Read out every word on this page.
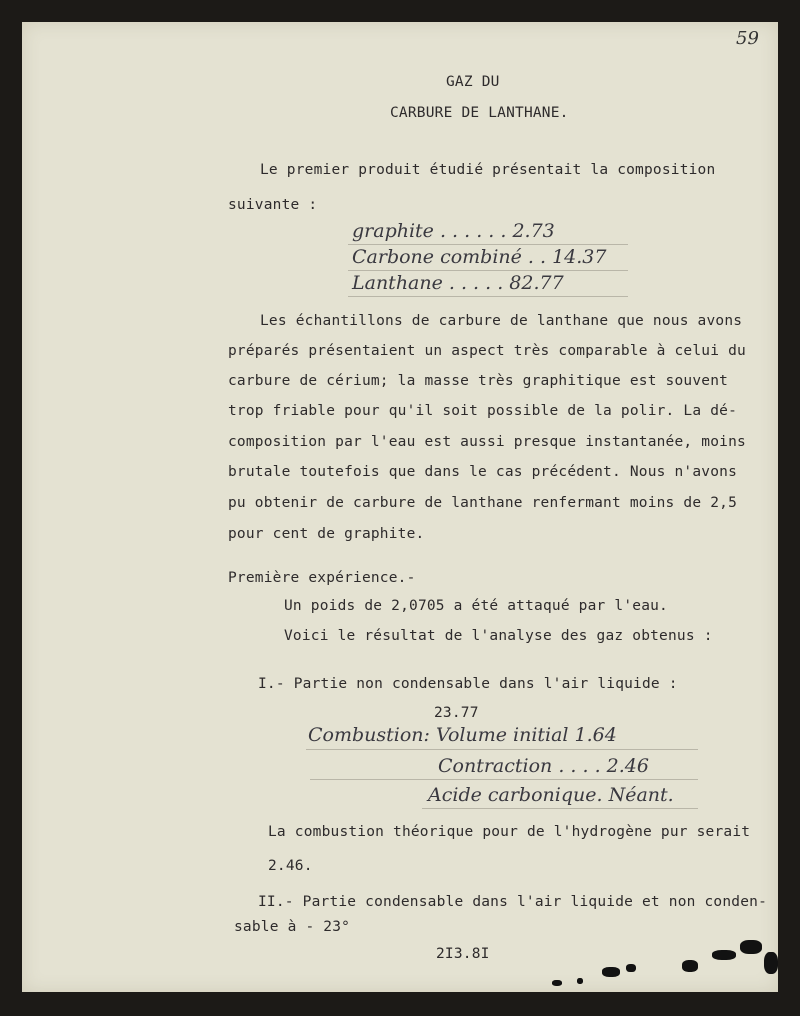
59
GAZ DU
CARBURE DE LANTHANE.
Le premier produit étudié présentait la composition
suivante :
graphite . . . . . . 2.73
Carbone combiné . . 14.37
Lanthane . . . . . 82.77
Les échantillons de carbure de lanthane que nous avons
préparés présentaient un aspect très comparable à celui du
carbure de cérium; la masse très graphitique est souvent
trop friable pour qu'il soit possible de la polir. La dé-
composition par l'eau est aussi presque instantanée, moins
brutale toutefois que dans le cas précédent. Nous n'avons
pu obtenir de carbure de lanthane renfermant moins de 2,5
pour cent de graphite.
Première expérience.-
Un poids de 2,0705 a été attaqué par l'eau.
Voici le résultat de l'analyse des gaz obtenus :
I.- Partie non condensable dans l'air liquide :
23.77
Combustion: Volume initial 1.64
Contraction . . . . 2.46
Acide carbonique. Néant.
La combustion théorique pour de l'hydrogène pur serait
2.46.
II.- Partie condensable dans l'air liquide et non conden-
sable à - 23°
2I3.8I
